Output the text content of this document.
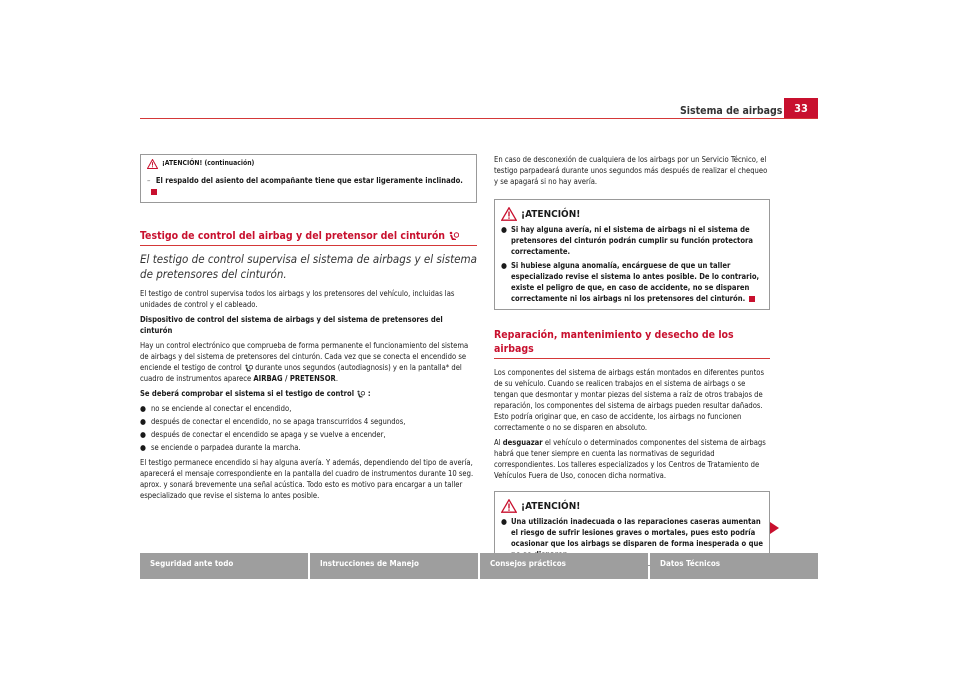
Sistema de airbags	33
¡ATENCIÓN! (continuación)
– El respaldo del asiento del acompañante tiene que estar ligeramente inclinado.
Testigo de control del airbag y del pretensor del cinturón
El testigo de control supervisa el sistema de airbags y el sistema de pretensores del cinturón.

El testigo de control supervisa todos los airbags y los pretensores del vehículo, incluidas las unidades de control y el cableado.

Dispositivo de control del sistema de airbags y del sistema de pretensores del cinturón

Hay un control electrónico que comprueba de forma permanente el funcionamiento del sistema de airbags y del sistema de pretensores del cinturón. Cada vez que se conecta el encendido se enciende el testigo de control durante unos segundos (autodiagnosis) y en la pantalla* del cuadro de instrumentos aparece AIRBAG / PRETENSOR.

Se deberá comprobar el sistema si el testigo de control :

● no se enciende al conectar el encendido,
● después de conectar el encendido, no se apaga transcurridos 4 segundos,
● después de conectar el encendido se apaga y se vuelve a encender,
● se enciende o parpadea durante la marcha.

El testigo permanece encendido si hay alguna avería. Y además, dependiendo del tipo de avería, aparecerá el mensaje correspondiente en la pantalla del cuadro de instrumentos durante 10 seg. aprox. y sonará brevemente una señal acústica. Todo esto es motivo para encargar a un taller especializado que revise el sistema lo antes posible.

En caso de desconexión de cualquiera de los airbags por un Servicio Técnico, el testigo parpadeará durante unos segundos más después de realizar el chequeo y se apagará si no hay avería.

¡ATENCIÓN!
● Si hay alguna avería, ni el sistema de airbags ni el sistema de pretensores del cinturón podrán cumplir su función protectora correctamente.
● Si hubiese alguna anomalía, encárguese de que un taller especializado revise el sistema lo antes posible. De lo contrario, existe el peligro de que, en caso de accidente, no se disparen correctamente ni los airbags ni los pretensores del cinturón.
Reparación, mantenimiento y desecho de los airbags

Los componentes del sistema de airbags están montados en diferentes puntos de su vehículo. Cuando se realicen trabajos en el sistema de airbags o se tengan que desmontar y montar piezas del sistema a raíz de otros trabajos de reparación, los componentes del sistema de airbags pueden resultar dañados. Esto podría originar que, en caso de accidente, los airbags no funcionen correctamente o no se disparen en absoluto.

Al desguazar el vehículo o determinados componentes del sistema de airbags habrá que tener siempre en cuenta las normativas de seguridad correspondientes. Los talleres especializados y los Centros de Tratamiento de Vehículos Fuera de Uso, conocen dicha normativa.

¡ATENCIÓN!
● Una utilización inadecuada o las reparaciones caseras aumentan el riesgo de sufrir lesiones graves o mortales, pues esto podría ocasionar que los airbags se disparen de forma inesperada o que
Seguridad ante todo	Instrucciones de Manejo	Consejos prácticos	Datos Técnicos
